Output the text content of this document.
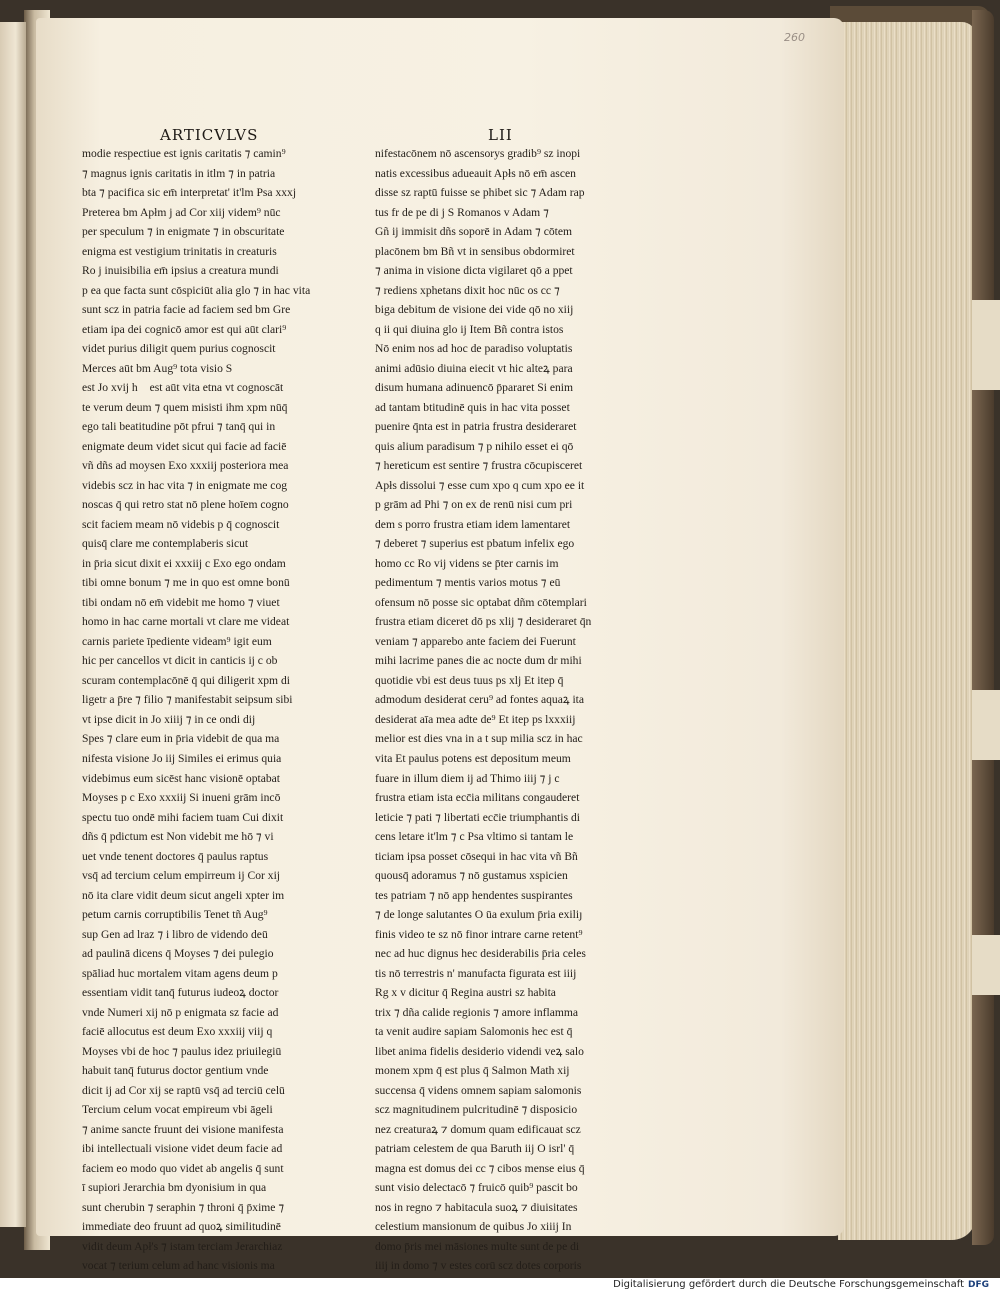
260
ARTICVLVS	LII
modie respectiue est ignis caritatis ⁊ camin⁹
⁊ magnus ignis caritatis in itlm ⁊ in patria
bta ⁊ pacifica sic em̄ interpretat' it'lm Psa xxxj
Preterea bm Apłm j ad Cor xiij videm⁹ nūc
per speculum ⁊ in enigmate ⁊ in obscuritate
enigma est vestigium trinitatis in creaturis
Ro j inuisibilia em̄ ipsius a creatura mundi
p ea que facta sunt cōspiciūt alia glo ⁊ in hac vita
sunt scz in patria facie ad faciem sed bm Gre
etiam ipa dei cognicō amor est qui aūt clari⁹
videt purius diligit quem purius cognoscit
Merces aūt bm Aug⁹ tota visio S
est Jo xvij hᷓ est aūt vita etna vt cognoscāt
te verum deum ⁊ quem misisti ihm xpm nūq̄
ego tali beatitudine pōt pfrui ⁊ tanq̄ qui in
enigmate deum videt sicut qui facie ad faciē
vñ dñs ad moysen Exo xxxiij posteriora mea
videbis scz in hac vita ⁊ in enigmate me cog
noscas q̄ qui retro stat nō plene hoīem cogno
scit faciem meam nō videbis p q̄ cognoscit
quisq̄ clare me contemplaberis sicut
in p̄ria sicut dixit ei xxxiij c Exo ego ondam
tibi omne bonum ⁊ me in quo est omne bonū
tibi ondam nō em̄ videbit me homo ⁊ viuet
homo in hac carne mortali vt clare me videat
carnis pariete īpediente videam⁹ igit eum
hic per cancellos vt dicit in canticis ij c ob
scuram contemplacōnē q̄ qui diligerit xpm di
ligetr a p̄re ⁊ filio ⁊ manifestabit seipsum sibi
vt ipse dicit in Jo xiiij ⁊ in ce ondi dij
Spes ⁊ clare eum in p̄ria videbit de qua ma
nifesta visione Jo iij Similes ei erimus quia
videbimus eum sicēst hanc visionē optabat
Moyses p c Exo xxxiij Si inueni grām incō
spectu tuo ondē mihi faciem tuam Cui dixit
dñs q̄ pdictum est Non videbit me hō ⁊ vi
uet vnde tenent doctores q̄ paulus raptus
vsq̄ ad tercium celum empirreum ij Cor xij
nō ita clare vidit deum sicut angeli xpter im
petum carnis corruptibilis Tenet tñ Aug⁹
sup Gen ad lraz ⁊ i libro de videndo deū
ad paulinā dicens q̄ Moyses ⁊ dei pulegio
spāliad huc mortalem vitam agens deum p
essentiam vidit tanq̄ futurus iudeoꝝ doctor
vnde Numeri xij nō p enigmata sz facie ad
faciē allocutus est deum Exo xxxiij viij q
Moyses vbi de hoc ⁊ paulus idez priuilegiū
habuit tanq̄ futurus doctor gentium vnde
dicit ij ad Cor xij se raptū vsq̄ ad terciū celū
Tercium celum vocat empireum vbi āgeli
⁊ anime sancte fruunt dei visione manifesta
ibi intellectuali visione videt deum facie ad
faciem eo modo quo videt ab angelis q̄ sunt
ī supiori Jerarchia bm dyonisium in qua
sunt cherubin ⁊ seraphin ⁊ throni q̄ p̄xime ⁊
immediate deo fruunt ad quoꝝ similitudinē
vidit deum Apł's ⁊ istam terciam Jerarchiaz
vocat ⁊ terium celum ad hanc visionis ma
nifestacōnem nō ascensorys gradib⁹ sz inopi
natis excessibus adueauit Apłs nō em̄ ascen
disse sz raptū fuisse se phibet sic ⁊ Adam rap
tus fr de pe di j S Romanos v Adam ⁊
Gñ ij immisit dñs soporē in Adam ⁊ cōtem
placōnem bm Bñ vt in sensibus obdormiret
⁊ anima in visione dicta vigilaret qō a ppet
⁊ rediens xphetans dixit hoc nūc os cc ⁊
biga debitum de visione dei vide qō no xiij
q ii qui diuina glo ij Item Bñ contra istos
Nō enim nos ad hoc de paradiso voluptatis
animi adūsio diuina eiecit vt hic alteꝝ para
disum humana adinuencō p̄pararet Si enim
ad tantam btitudinē quis in hac vita posset
puenire q̄nta est in patria frustra desideraret
quis alium paradisum ⁊ p nihilo esset ei qō
⁊ hereticum est sentire ⁊ frustra cōcupisceret
Apłs dissolui ⁊ esse cum xpo q cum xpo ee it
p grām ad Phi ⁊ on ex de renū nisi cum pri
dem s porro frustra etiam idem lamentaret
⁊ deberet ⁊ superius est pbatum infelix ego
homo cc Ro vij videns se p̄ter carnis im
pedimentum ⁊ mentis varios motus ⁊ eū
ofensum nō posse sic optabat dñm cōtemplari
frustra etiam diceret dō ps xlij ⁊ desideraret q̄n
veniam ⁊ apparebo ante faciem dei Fuerunt
mihi lacrime panes die ac nocte dum dr mihi
quotidie vbi est deus tuus ps xlj Et itep q̄
admodum desiderat ceru⁹ ad fontes aquaꝝ ita
desiderat aīa mea adte de⁹ Et itep ps lxxxiij
melior est dies vna in a t sup milia scz in hac
vita Et paulus potens est depositum meum
fuare in illum diem ij ad Thimo iiij ⁊ j c
frustra etiam ista ecc̄ia militans congauderet
leticie ⁊ pati ⁊ libertati ecc̄ie triumphantis di
cens letare it'lm ⁊ c Psa vltimo si tantam le
ticiam ipsa posset cōsequi in hac vita vñ Bñ
quousq̄ adoramus ⁊ nō gustamus xspicien
tes patriam ⁊ nō app hendentes suspirantes
⁊ de longe salutantes O ūa exulum p̄ria exiliȷ
finis video te sz nō finor intrare carne retent⁹
nec ad huc dignus hec desiderabilis p̄ria celes
tis nō terrestris n' manufacta figurata est iiij
Rg x v dicitur q̄ Regina austri sz habita
trix ⁊ dña calide regionis ⁊ amore inflamma
ta venit audire sapiam Salomonis hec est q̄
libet anima fidelis desiderio videndi veꝝ salo
monem xpm q̄ est plus q̄ Salmon Math xij
succensa q̄ videns omnem sapiam salomonis
scz magnitudinem pulcritudinē ⁊ disposicio
nez creaturaꝝ ⁊ domum quam edificauat scz
patriam celestem de qua Baruth iij O isrl' q̄
magna est domus dei cc ⁊ cibos mense eius q̄
sunt visio delectacō ⁊ fruicō quib⁹ pascit bo
nos in regno ⁊ habitacula suoꝝ ⁊ diuisitates
celestium mansionum de quibus Jo xiiij In
domo p̄ris mei māsiones multe sunt de pe di
iiij in domo ⁊ v estes corū scz dotes corporis
Digitalisierung gefördert durch die Deutsche Forschungsgemeinschaft DFG
